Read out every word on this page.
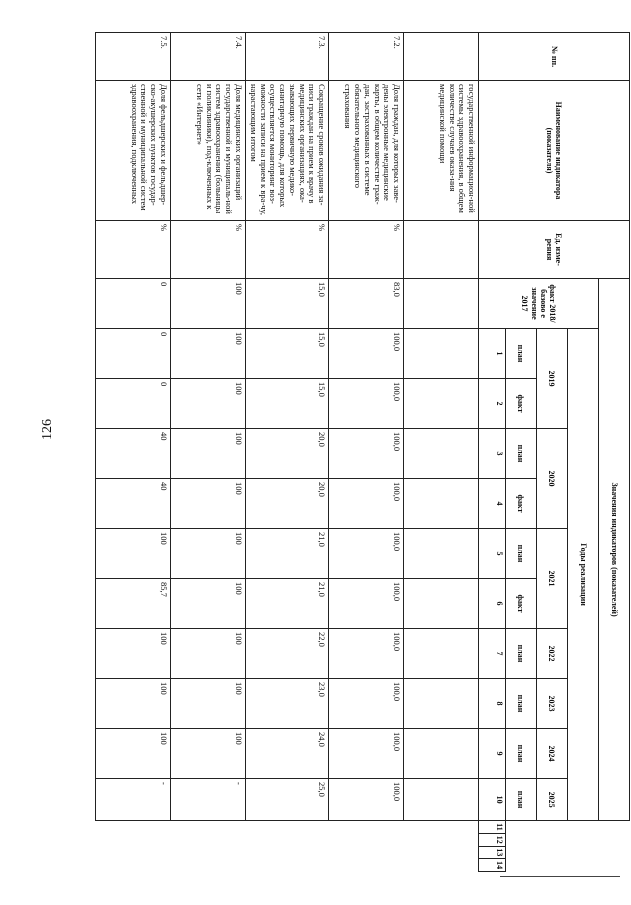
126
№ пп.	Наименование индикатора (показателя)	Ед. изме-рения	Значения индикаторов (показателей)														
			факт 2018/базово е значение 2017	Годы реализации													
				2019		2020		2021		2022	2023	2024	2025				
				план	факт	план	факт	план	факт	план	план	план	план				
				1	2	3	4	5	6	7	8	9	10	11	12	13	14
	государственной информацион-ной системы здравоохранения, в общем количестве случаев оказа-ния медицинской помощи																
7.2.	Доля граждан, для которых заве-дены электронные медицинские карты, в общем количестве граж-дан, застрахованных в системе обязательного медицинского страхования	%	83,0	100,0	100,0	100,0	100,0	100,0	100,0	100,0	100,0	100,0	100,0				
7.3.	Сокращение сроков ожидания за-писи граждан на прием к врачу в медицинских организациях, ока-зывающих первичную медико-санитарную помощь, для которых осуществляется мониторинг воз-можности записи на прием к вра-чу, нарастающим итогом	%	15,0	15,0	15,0	20,0	20,0	21,0	21,0	22,0	23,0	24,0	25,0				
7.4.	Доля медицинских организаций государственной и муниципаль-ной систем здравоохранения (больницы и поликлиники), под-ключенных к сети «Интернет»	%	100	100	100	100	100	100	100	100	100	100	-				
7.5.	Доля фельдшерских и фельдшер-ско-акушерских пунктов государ-ственной и муниципальной систем здравоохранения, подключенных	%	0	0	0	40	40	100	85,7	100	100	100	-				
